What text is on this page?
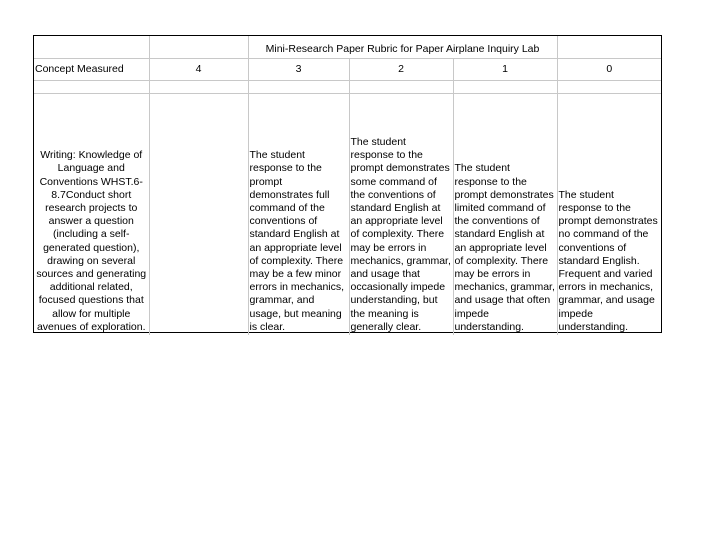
		Mini-Research Paper Rubric for Paper Airplane Inquiry Lab			
Concept Measured	4	3	2	1	0

Writing: Knowledge of Language and Conventions WHST.6-8.7Conduct short research projects to answer a question (including a self-generated question), drawing on several sources and generating additional related, focused questions that allow for multiple avenues of exploration.		The student response to the prompt demonstrates full command of the conventions of standard English at an appropriate level of complexity. There may be a few minor errors in mechanics, grammar, and usage, but meaning is clear.	The student response to the prompt demonstrates some command of the conventions of standard English at an appropriate level of complexity. There may be errors in mechanics, grammar, and usage that occasionally impede understanding, but the meaning is generally clear.	The student response to the prompt demonstrates limited command of the conventions of standard English at an appropriate level of complexity. There may be errors in mechanics, grammar, and usage that often impede understanding.	The student response to the prompt demonstrates no command of the conventions of standard English. Frequent and varied errors in mechanics, grammar, and usage impede understanding.
